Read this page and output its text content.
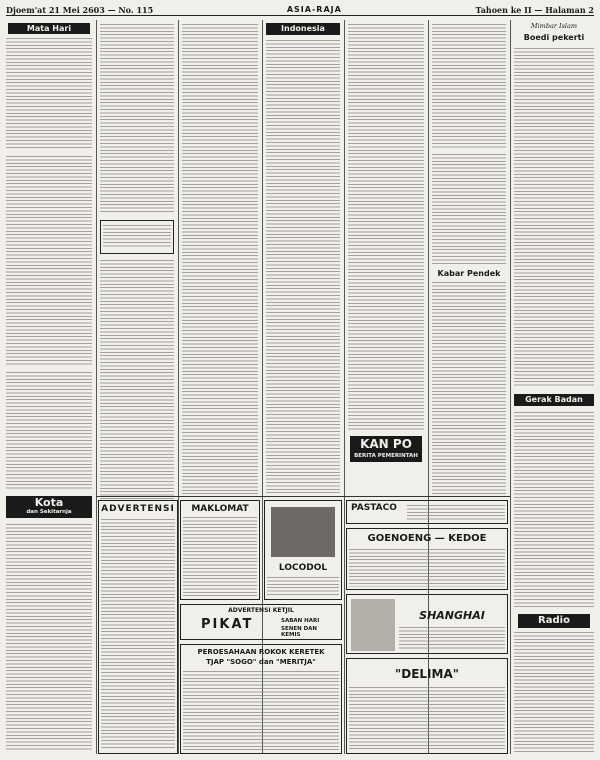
Djoem'at 21 Mei 2603 — No. 115	ASIA-RAJA	Tahoen ke II — Halaman 2
Mata Hari
Kota
dan Sekitarnja
Indonesia
KAN PO
BERITA PEMERINTAH
Kabar Pendek
Mimbar Islam
Boedi pekerti
Gerak Badan
Radio
ADVERTENSI	MAKLOMAT
LOCODOL
PASTACO
GOENOENG — KEDOE
SHANGHAI
ADVERTENSI KETJIL
PIKAT	SABAN HARI
SENEN DAN KEMIS
PEROESAHAAN ROKOK KERETEK
TJAP "SOGO" dan "MERITJA"
"DELIMA"
